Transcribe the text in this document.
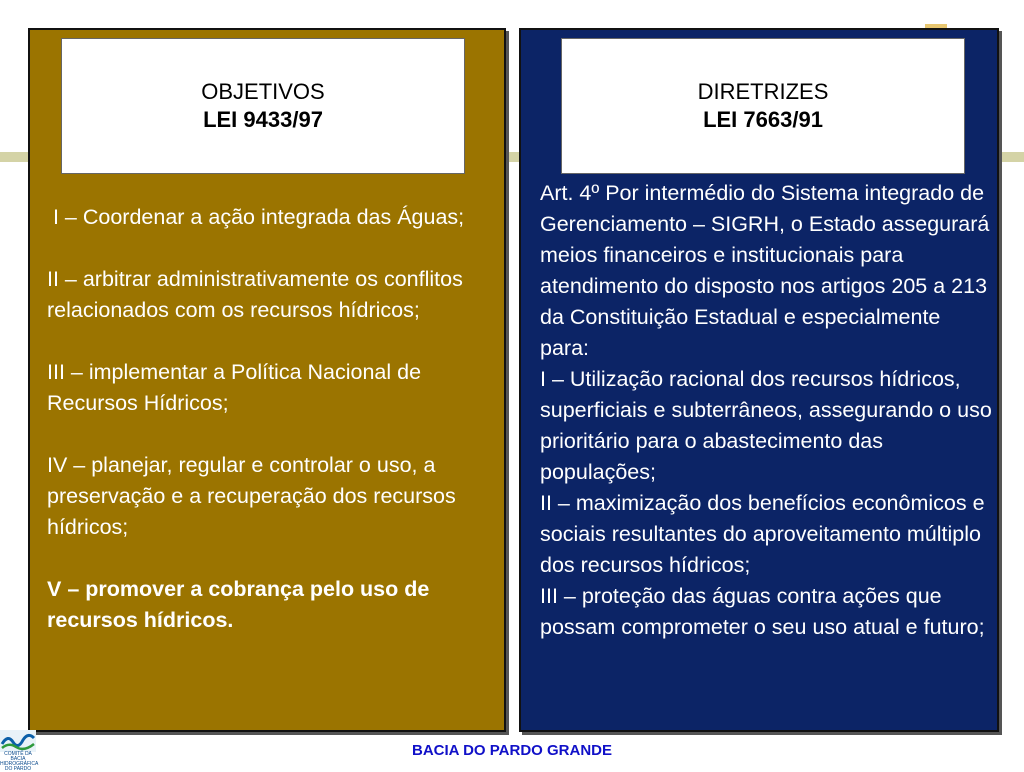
OBJETIVOS
LEI 9433/97

I – Coordenar a ação integrada das Águas;

II – arbitrar administrativamente os conflitos relacionados com os recursos hídricos;

III – implementar a Política Nacional de Recursos Hídricos;

IV – planejar, regular e controlar o uso, a preservação e a recuperação dos recursos hídricos;

V – promover a cobrança pelo uso de recursos hídricos.

DIRETRIZES
LEI 7663/91

Art. 4º Por intermédio do Sistema integrado de Gerenciamento – SIGRH, o Estado assegurará meios financeiros e institucionais para atendimento do disposto nos artigos 205 a 213 da Constituição Estadual e especialmente para:

I – Utilização racional dos recursos hídricos, superficiais e subterrâneos, assegurando o uso prioritário para o abastecimento das populações;

II – maximização dos benefícios econômicos e sociais resultantes do aproveitamento múltiplo dos recursos hídricos;

III – proteção das águas contra ações que possam comprometer o seu uso atual e futuro;

COMITÊ DA BACIA HIDROGRÁFICA DO PARDO
BACIA DO PARDO GRANDE
